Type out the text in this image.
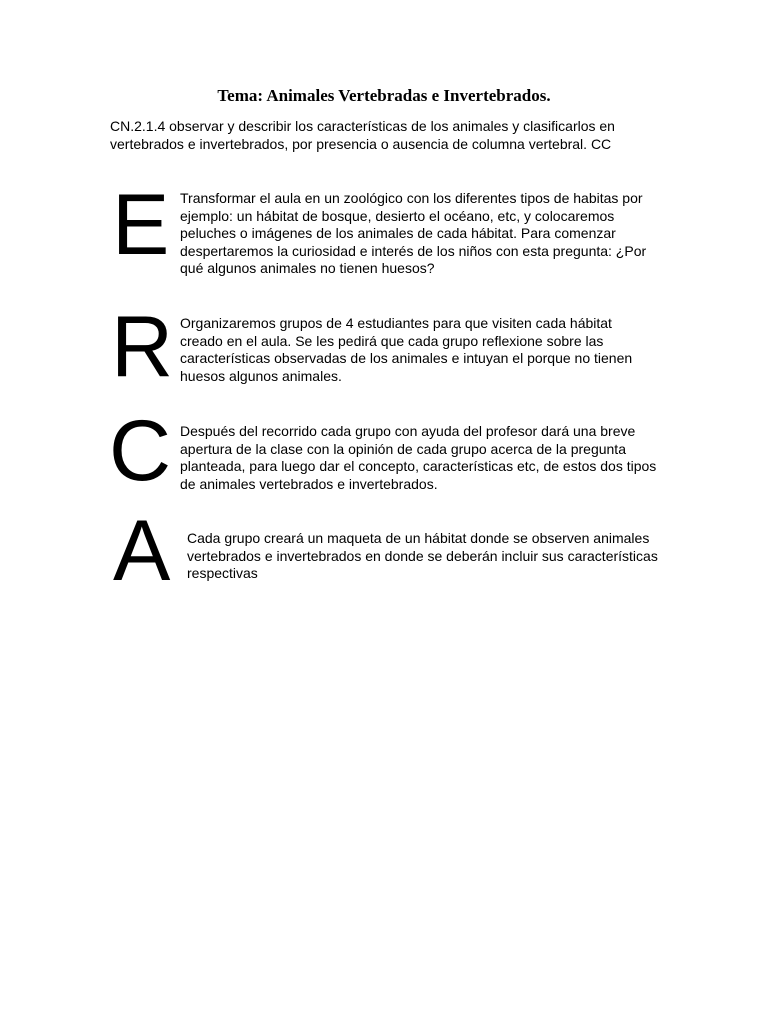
Tema: Animales Vertebradas e Invertebrados.

CN.2.1.4 observar y describir los características de los animales y clasificarlos en vertebrados e invertebrados, por presencia o ausencia de columna vertebral. CC

E Transformar el aula en un zoológico con los diferentes tipos de habitas por ejemplo: un hábitat de bosque, desierto el océano, etc, y colocaremos peluches o imágenes de los animales de cada hábitat. Para comenzar despertaremos la curiosidad e interés de los niños con esta pregunta: ¿Por qué algunos animales no tienen huesos?

R Organizaremos grupos de 4 estudiantes para que visiten cada hábitat creado en el aula. Se les pedirá que cada grupo reflexione sobre las características observadas de los animales e intuyan el porque no tienen huesos algunos animales.

C Después del recorrido cada grupo con ayuda del profesor dará una breve apertura de la clase con la opinión de cada grupo acerca de la pregunta planteada, para luego dar el concepto, características etc, de estos dos tipos de animales vertebrados e invertebrados.

A Cada grupo creará un maqueta de un hábitat donde se observen animales vertebrados e invertebrados en donde se deberán incluir sus características respectivas
